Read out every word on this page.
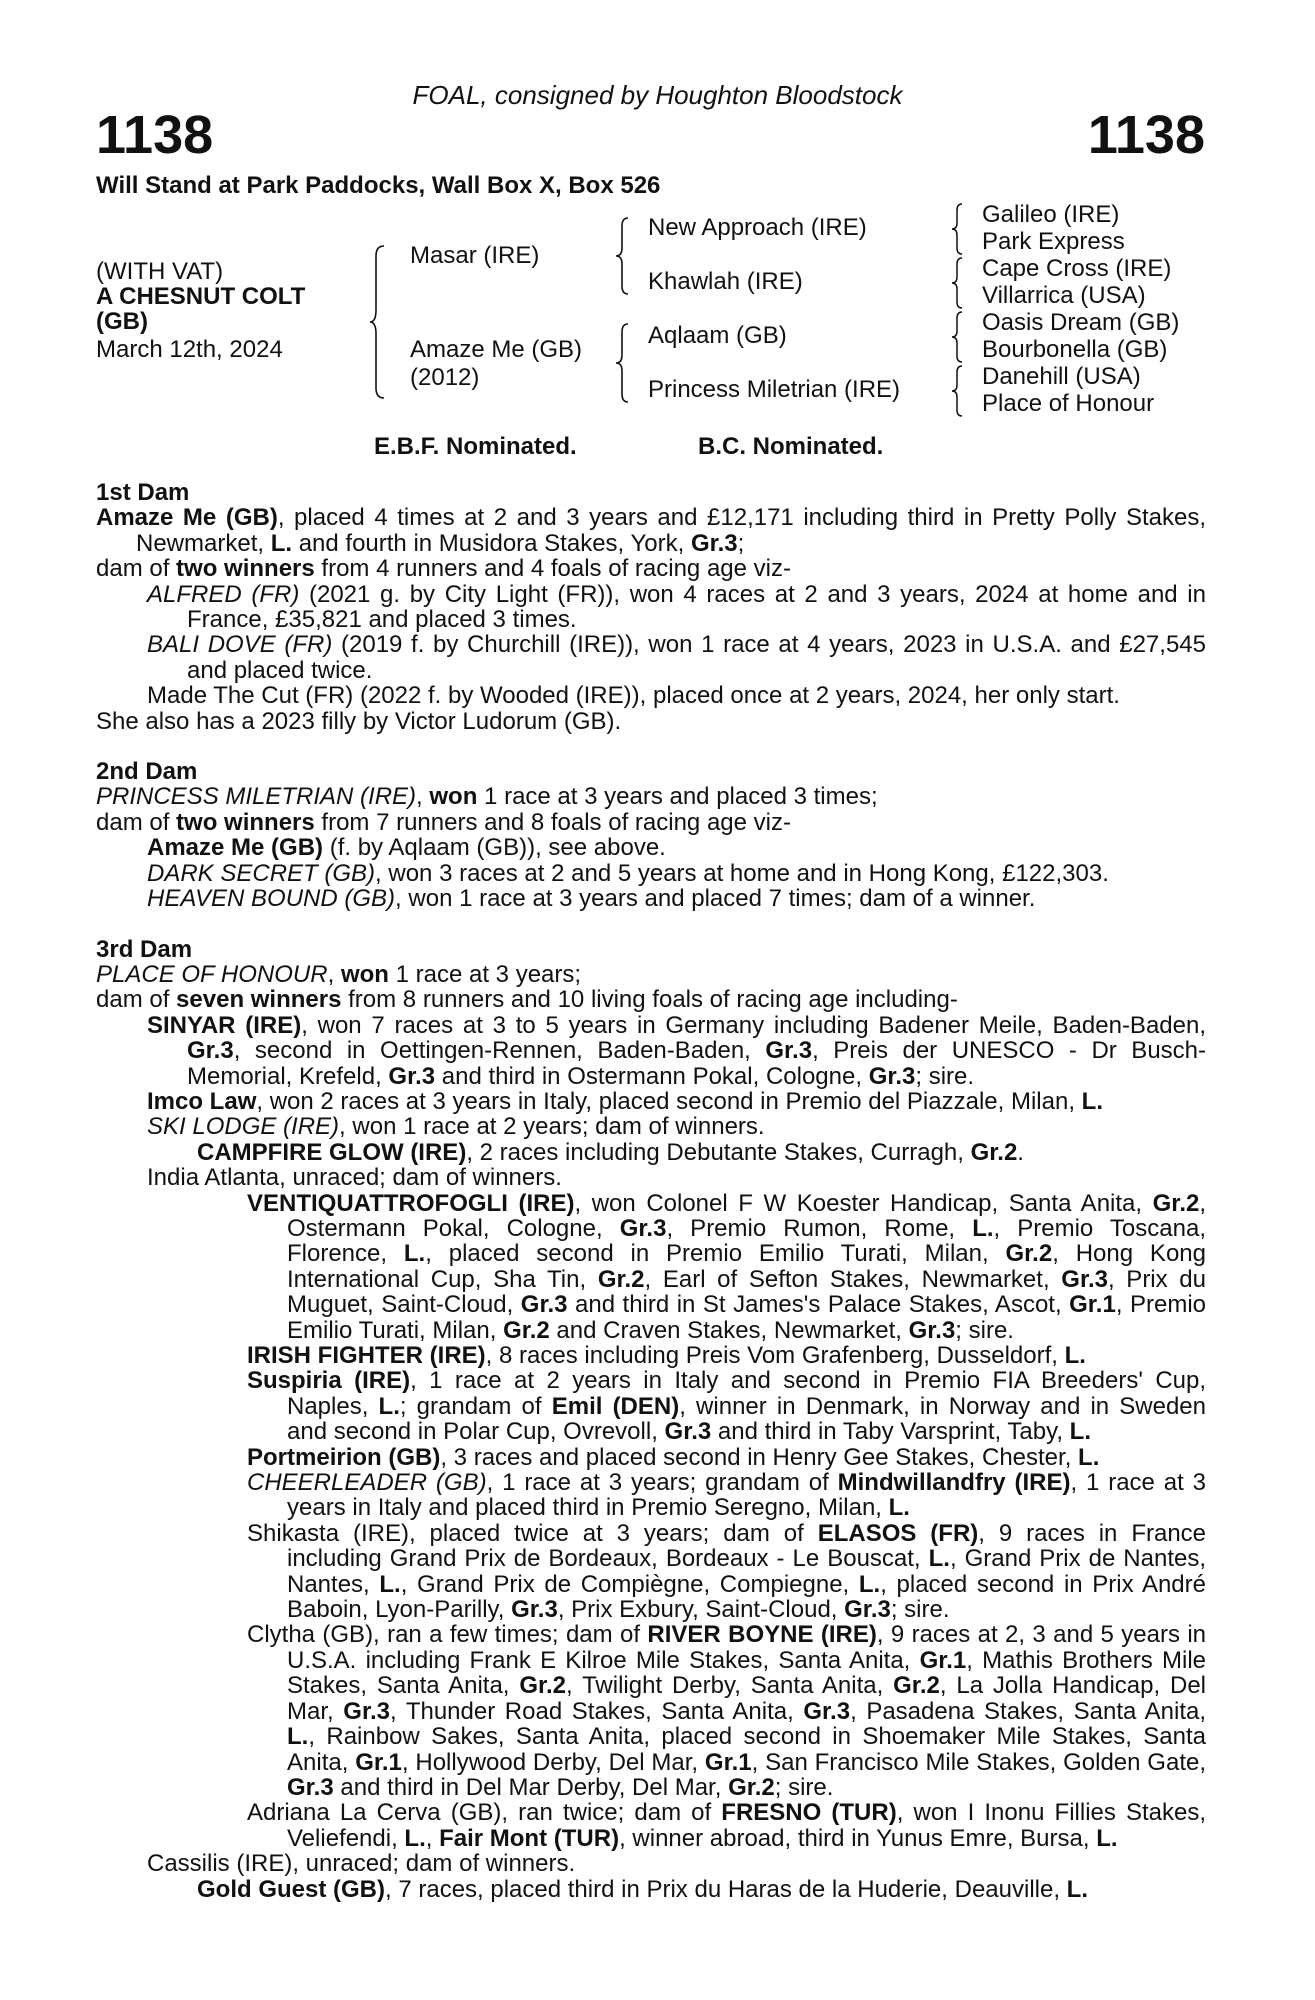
FOAL, consigned by Houghton Bloodstock
1138	1138
Will Stand at Park Paddocks, Wall Box X, Box 526
(WITH VAT)
A CHESNUT COLT
(GB)
March 12th, 2024
Masar (IRE)
Amaze Me (GB)
(2012)
New Approach (IRE)
Khawlah (IRE)
Aqlaam (GB)
Princess Miletrian (IRE)
Galileo (IRE)
Park Express
Cape Cross (IRE)
Villarrica (USA)
Oasis Dream (GB)
Bourbonella (GB)
Danehill (USA)
Place of Honour
E.B.F. Nominated.	B.C. Nominated.

1st Dam

Amaze Me (GB), placed 4 times at 2 and 3 years and £12,171 including third in Pretty Polly Stakes, Newmarket, L. and fourth in Musidora Stakes, York, Gr.3;

dam of two winners from 4 runners and 4 foals of racing age viz-

ALFRED (FR) (2021 g. by City Light (FR)), won 4 races at 2 and 3 years, 2024 at home and in France, £35,821 and placed 3 times.

BALI DOVE (FR) (2019 f. by Churchill (IRE)), won 1 race at 4 years, 2023 in U.S.A. and £27,545 and placed twice.

Made The Cut (FR) (2022 f. by Wooded (IRE)), placed once at 2 years, 2024, her only start.

She also has a 2023 filly by Victor Ludorum (GB).

2nd Dam

PRINCESS MILETRIAN (IRE), won 1 race at 3 years and placed 3 times;

dam of two winners from 7 runners and 8 foals of racing age viz-

Amaze Me (GB) (f. by Aqlaam (GB)), see above.

DARK SECRET (GB), won 3 races at 2 and 5 years at home and in Hong Kong, £122,303.

HEAVEN BOUND (GB), won 1 race at 3 years and placed 7 times; dam of a winner.

3rd Dam

PLACE OF HONOUR, won 1 race at 3 years;

dam of seven winners from 8 runners and 10 living foals of racing age including-

SINYAR (IRE), won 7 races at 3 to 5 years in Germany including Badener Meile, Baden-Baden, Gr.3, second in Oettingen-Rennen, Baden-Baden, Gr.3, Preis der UNESCO - Dr Busch-Memorial, Krefeld, Gr.3 and third in Ostermann Pokal, Cologne, Gr.3; sire.

Imco Law, won 2 races at 3 years in Italy, placed second in Premio del Piazzale, Milan, L.

SKI LODGE (IRE), won 1 race at 2 years; dam of winners.

CAMPFIRE GLOW (IRE), 2 races including Debutante Stakes, Curragh, Gr.2.

India Atlanta, unraced; dam of winners.

VENTIQUATTROFOGLI (IRE), won Colonel F W Koester Handicap, Santa Anita, Gr.2, Ostermann Pokal, Cologne, Gr.3, Premio Rumon, Rome, L., Premio Toscana, Florence, L., placed second in Premio Emilio Turati, Milan, Gr.2, Hong Kong International Cup, Sha Tin, Gr.2, Earl of Sefton Stakes, Newmarket, Gr.3, Prix du Muguet, Saint-Cloud, Gr.3 and third in St James's Palace Stakes, Ascot, Gr.1, Premio Emilio Turati, Milan, Gr.2 and Craven Stakes, Newmarket, Gr.3; sire.

IRISH FIGHTER (IRE), 8 races including Preis Vom Grafenberg, Dusseldorf, L.

Suspiria (IRE), 1 race at 2 years in Italy and second in Premio FIA Breeders' Cup, Naples, L.; grandam of Emil (DEN), winner in Denmark, in Norway and in Sweden and second in Polar Cup, Ovrevoll, Gr.3 and third in Taby Varsprint, Taby, L.

Portmeirion (GB), 3 races and placed second in Henry Gee Stakes, Chester, L.

CHEERLEADER (GB), 1 race at 3 years; grandam of Mindwillandfry (IRE), 1 race at 3 years in Italy and placed third in Premio Seregno, Milan, L.

Shikasta (IRE), placed twice at 3 years; dam of ELASOS (FR), 9 races in France including Grand Prix de Bordeaux, Bordeaux - Le Bouscat, L., Grand Prix de Nantes, Nantes, L., Grand Prix de Compiègne, Compiegne, L., placed second in Prix André Baboin, Lyon-Parilly, Gr.3, Prix Exbury, Saint-Cloud, Gr.3; sire.

Clytha (GB), ran a few times; dam of RIVER BOYNE (IRE), 9 races at 2, 3 and 5 years in U.S.A. including Frank E Kilroe Mile Stakes, Santa Anita, Gr.1, Mathis Brothers Mile Stakes, Santa Anita, Gr.2, Twilight Derby, Santa Anita, Gr.2, La Jolla Handicap, Del Mar, Gr.3, Thunder Road Stakes, Santa Anita, Gr.3, Pasadena Stakes, Santa Anita, L., Rainbow Sakes, Santa Anita, placed second in Shoemaker Mile Stakes, Santa Anita, Gr.1, Hollywood Derby, Del Mar, Gr.1, San Francisco Mile Stakes, Golden Gate, Gr.3 and third in Del Mar Derby, Del Mar, Gr.2; sire.

Adriana La Cerva (GB), ran twice; dam of FRESNO (TUR), won I Inonu Fillies Stakes, Veliefendi, L., Fair Mont (TUR), winner abroad, third in Yunus Emre, Bursa, L.

Cassilis (IRE), unraced; dam of winners.

Gold Guest (GB), 7 races, placed third in Prix du Haras de la Huderie, Deauville, L.
